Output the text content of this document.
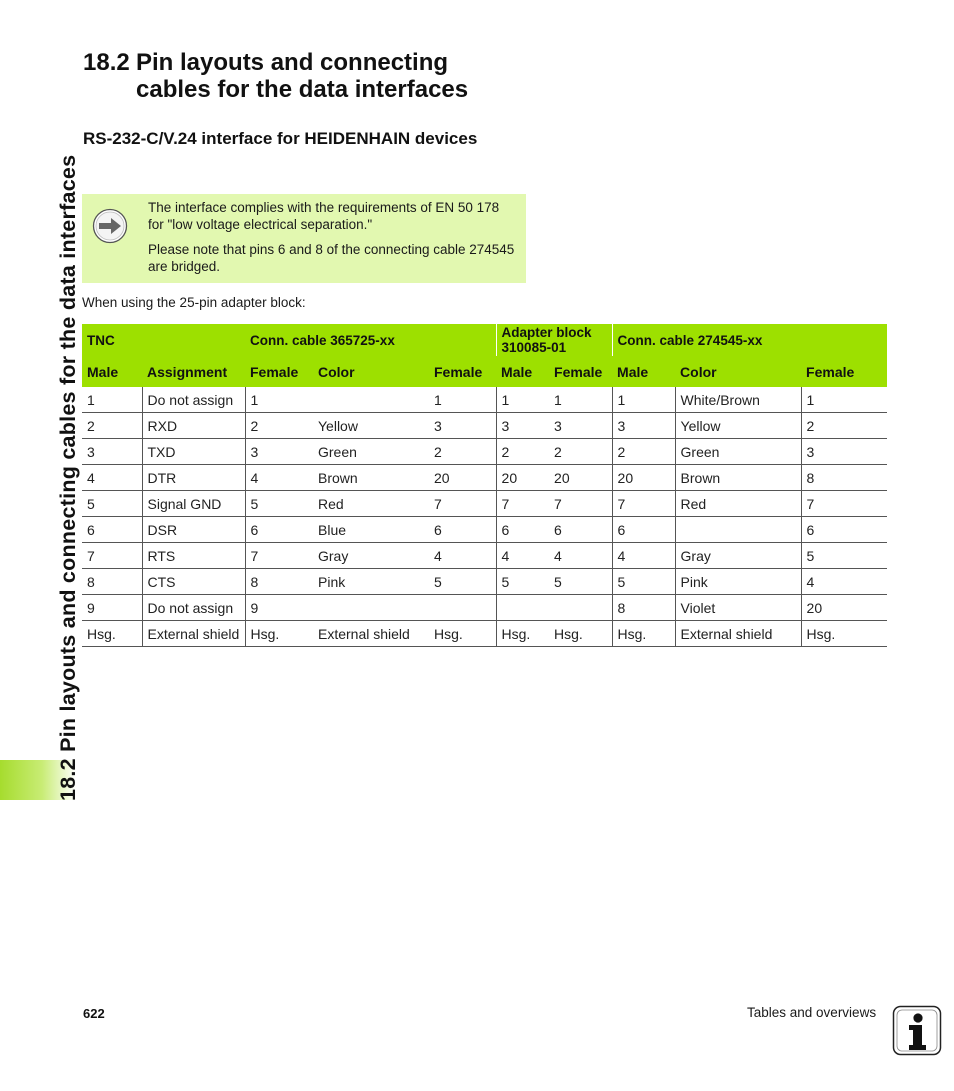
18.2 Pin layouts and connecting cables for the data interfaces
18.2 Pin layouts and connecting
cables for the data interfaces
RS-232-C/V.24 interface for HEIDENHAIN devices

The interface complies with the requirements of EN 50 178 for "low voltage electrical separation."

Please note that pins 6 and 8 of the connecting cable 274545 are bridged.

When using the 25-pin adapter block:
TNC		Conn. cable 365725-xx			Adapter block 310085-01		Conn. cable 274545-xx		
Male	Assignment	Female	Color	Female	Male	Female	Male	Color	Female
1	Do not assign	1		1	1	1	1	White/Brown	1
2	RXD	2	Yellow	3	3	3	3	Yellow	2
3	TXD	3	Green	2	2	2	2	Green	3
4	DTR	4	Brown	20	20	20	20	Brown	8
5	Signal GND	5	Red	7	7	7	7	Red	7
6	DSR	6	Blue	6	6	6	6		6
7	RTS	7	Gray	4	4	4	4	Gray	5
8	CTS	8	Pink	5	5	5	5	Pink	4
9	Do not assign	9					8	Violet	20
Hsg.	External shield	Hsg.	External shield	Hsg.	Hsg.	Hsg.	Hsg.	External shield	Hsg.
622	Tables and overviews
